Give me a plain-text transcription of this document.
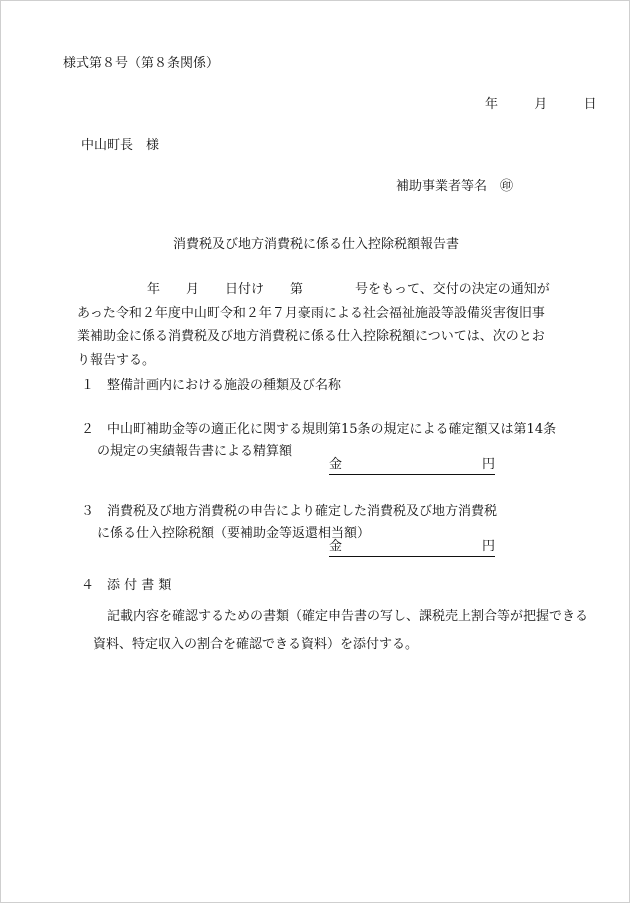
様式第８号（第８条関係）
年	月	日
中山町長　様
補助事業者等名　㊞
消費税及び地方消費税に係る仕入控除税額報告書
年　　月　　日付け　　第　　　　号をもって、交付の決定の通知が
あった令和２年度中山町令和２年７月豪雨による社会福祉施設等設備災害復旧事
業補助金に係る消費税及び地方消費税に係る仕入控除税額については、次のとお
り報告する。
１　整備計画内における施設の種類及び名称
２　中山町補助金等の適正化に関する規則第15条の規定による確定額又は第14条
の規定の実績報告書による精算額
金	円
３　消費税及び地方消費税の申告により確定した消費税及び地方消費税
に係る仕入控除税額（要補助金等返還相当額）
金	円
４　添 付 書 類
記載内容を確認するための書類（確定申告書の写し、課税売上割合等が把握できる
資料、特定収入の割合を確認できる資料）を添付する。
